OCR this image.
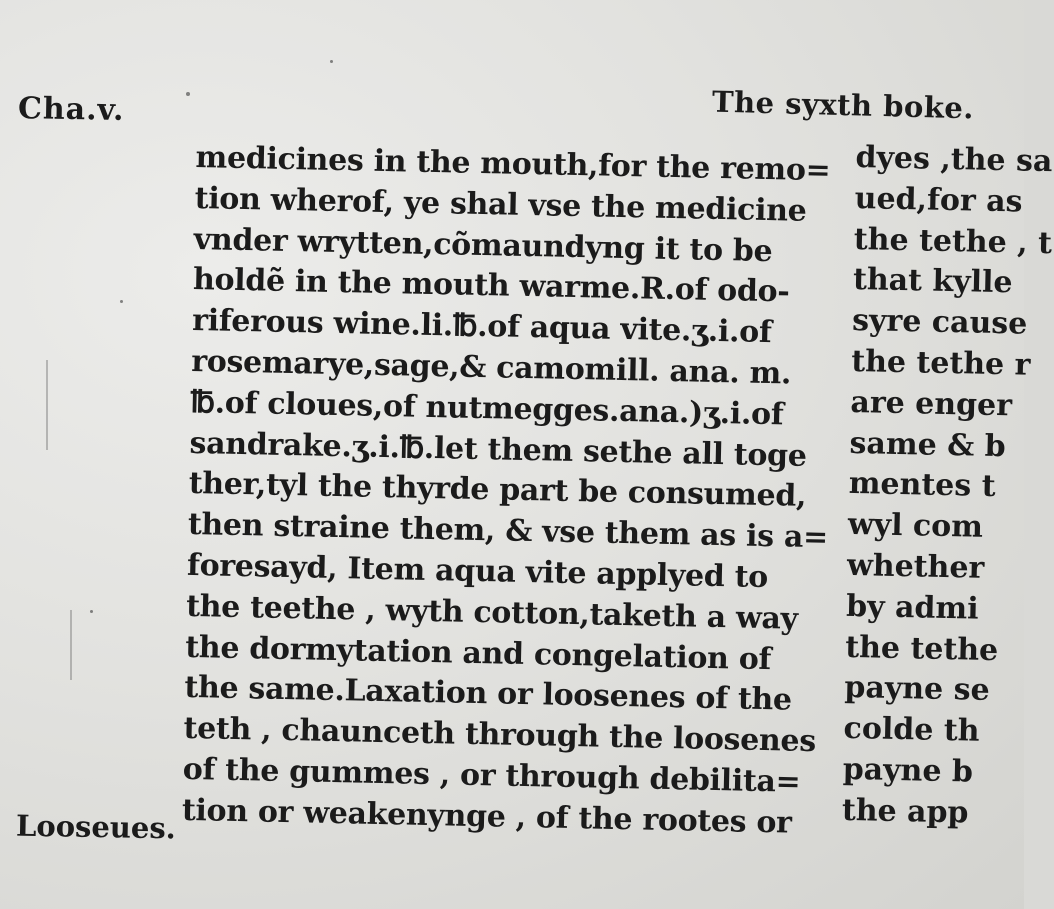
Cha.v.	The syxth boke.
medicines in the mouth,for the remo=
tion wherof, ye shal vse the medicine
vnder wrytten,cõmaundyng it to be
holdẽ in the mouth warme.R.of odo-
riferous wine.li.℔.of aqua vite.ʒ.i.of
rosemarye,sage,& camomill. ana. m.
℔.of cloues,of nutmegges.ana.)ʒ.i.of
sandrake.ʒ.i.℔.let them sethe all toge
ther,tyl the thyrde part be consumed,
then straine them, & vse them as is a=
foresayd, Item aqua vite applyed to
the teethe , wyth cotton,taketh a way
the dormytation and congelation of
the same.Laxation or loosenes of the
teth , chaunceth through the loosenes
of the gummes , or through debilita=
tion or weakenynge , of the rootes or
dyes ,the sa
ued,for as
the tethe , t
that kylle
syre cause
the tethe r
are enger
same & b
mentes t
wyl com
whether
by admi
the tethe
payne se
colde th
payne b
the app
Looseues.
